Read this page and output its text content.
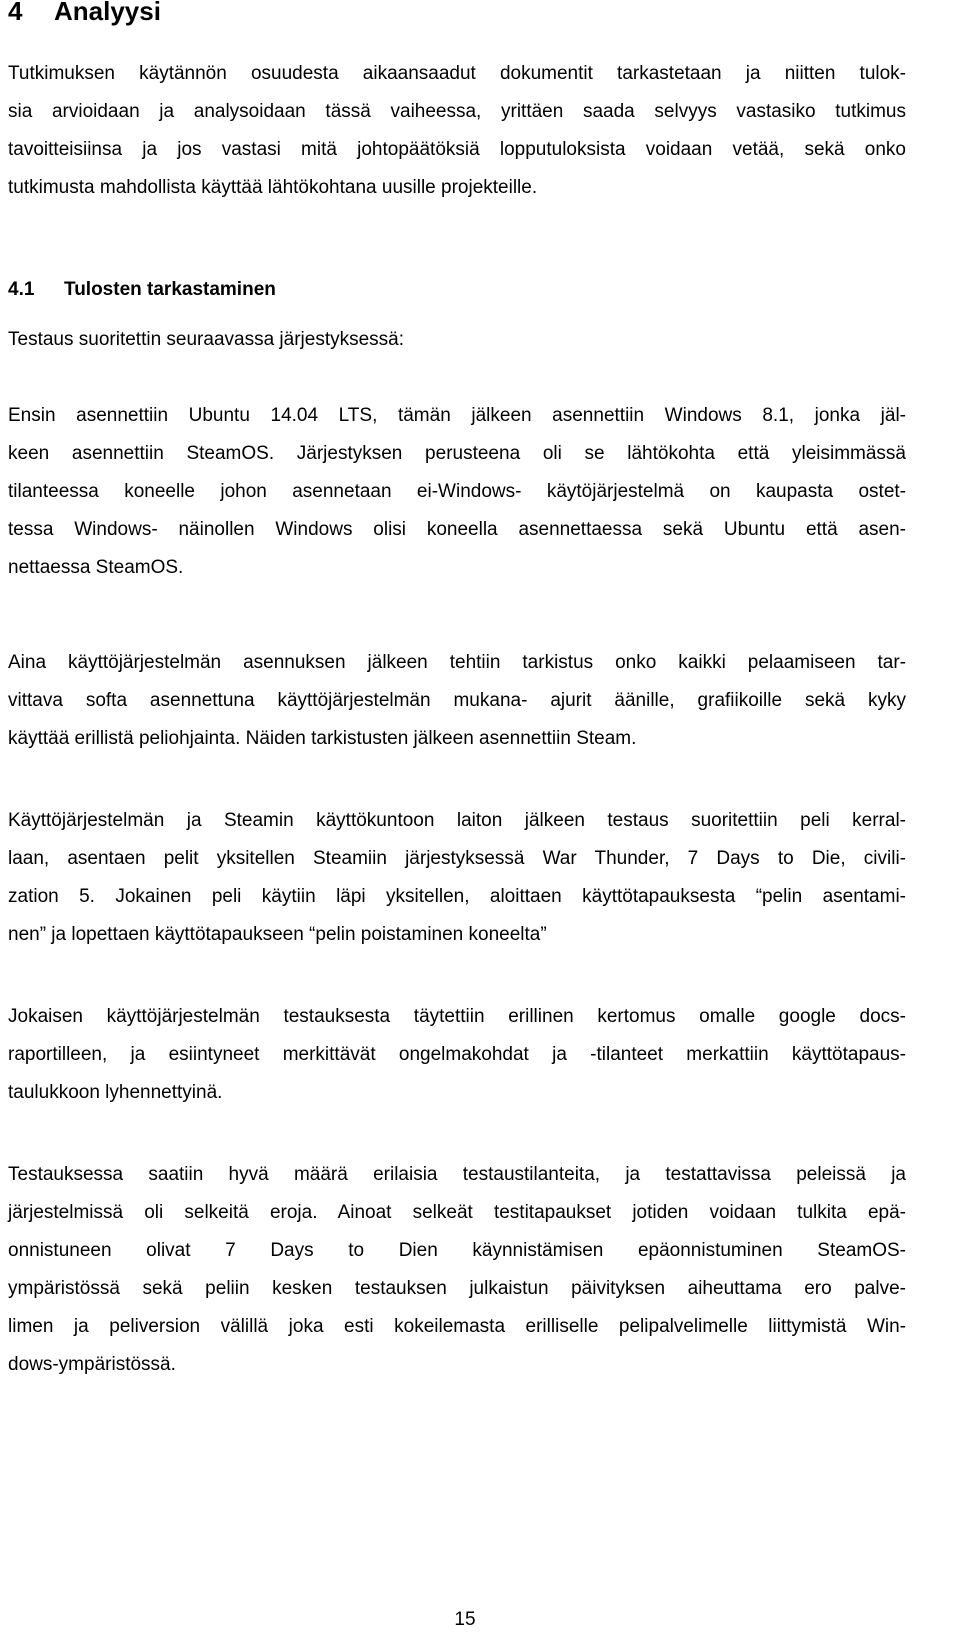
4 Analyysi

Tutkimuksen käytännön osuudesta aikaansaadut dokumentit tarkastetaan ja niitten tulok-
sia arvioidaan ja analysoidaan tässä vaiheessa, yrittäen saada selvyys vastasiko tutkimus
tavoitteisiinsa ja jos vastasi mitä johtopäätöksiä lopputuloksista voidaan vetää, sekä onko
tutkimusta mahdollista käyttää lähtökohtana uusille projekteille.

4.1 Tulosten tarkastaminen

Testaus suoritettin seuraavassa järjestyksessä:

Ensin asennettiin Ubuntu 14.04 LTS, tämän jälkeen asennettiin Windows 8.1, jonka jäl-
keen asennettiin SteamOS. Järjestyksen perusteena oli se lähtökohta että yleisimmässä
tilanteessa koneelle johon asennetaan ei-Windows- käytöjärjestelmä on kaupasta ostet-
tessa Windows- näinollen Windows olisi koneella asennettaessa sekä Ubuntu että asen-
nettaessa SteamOS.

Aina käyttöjärjestelmän asennuksen jälkeen tehtiin tarkistus onko kaikki pelaamiseen tar-
vittava softa asennettuna käyttöjärjestelmän mukana- ajurit äänille, grafiikoille sekä kyky
käyttää erillistä peliohjainta. Näiden tarkistusten jälkeen asennettiin Steam.

Käyttöjärjestelmän ja Steamin käyttökuntoon laiton jälkeen testaus suoritettiin peli kerral-
laan, asentaen pelit yksitellen Steamiin järjestyksessä War Thunder, 7 Days to Die, civili-
zation 5. Jokainen peli käytiin läpi yksitellen, aloittaen käyttötapauksesta “pelin asentami-
nen” ja lopettaen käyttötapaukseen “pelin poistaminen koneelta”

Jokaisen käyttöjärjestelmän testauksesta täytettiin erillinen kertomus omalle google docs-
raportilleen, ja esiintyneet merkittävät ongelmakohdat ja -tilanteet merkattiin käyttötapaus-
taulukkoon lyhennettyinä.

Testauksessa saatiin hyvä määrä erilaisia testaustilanteita, ja testattavissa peleissä ja
järjestelmissä oli selkeitä eroja. Ainoat selkeät testitapaukset jotiden voidaan tulkita epä-
onnistuneen olivat 7 Days to Dien käynnistämisen epäonnistuminen SteamOS-
ympäristössä sekä peliin kesken testauksen julkaistun päivityksen aiheuttama ero palve-
limen ja peliversion välillä joka esti kokeilemasta erilliselle pelipalvelimelle liittymistä Win-
dows-ympäristössä.

15
